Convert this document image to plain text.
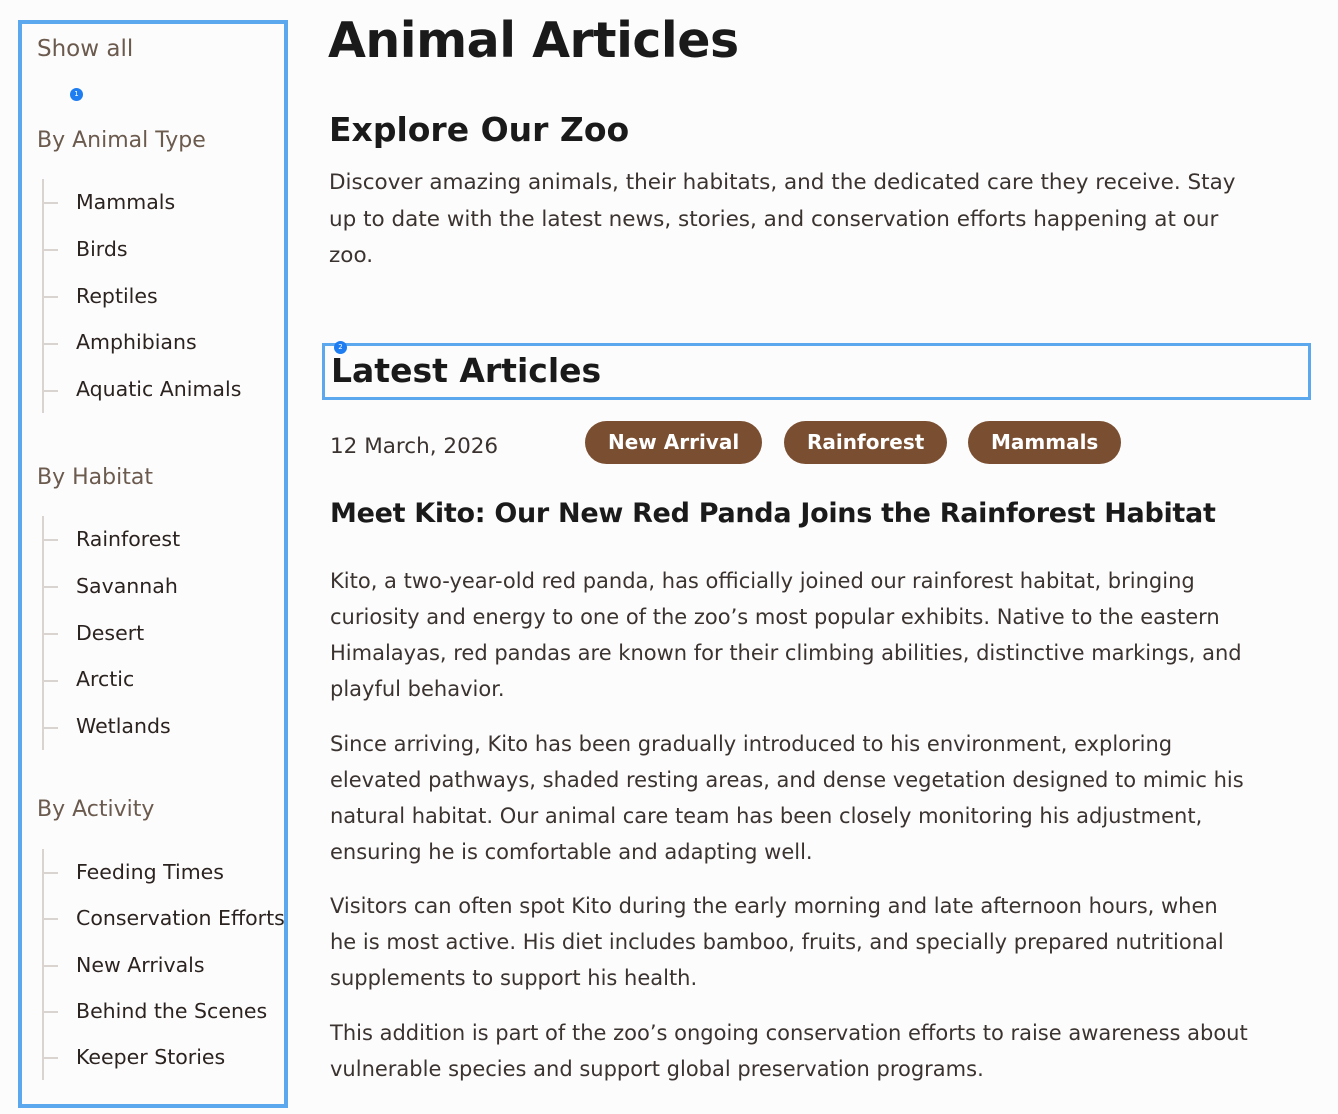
Show all
1
By Animal Type
Mammals
Birds
Reptiles
Amphibians
Aquatic Animals
By Habitat
Rainforest
Savannah
Desert
Arctic
Wetlands
By Activity
Feeding Times
Conservation Efforts
New Arrivals
Behind the Scenes
Keeper Stories
Animal Articles
Explore Our Zoo

Discover amazing animals, their habitats, and the dedicated care they receive. Stay up to date with the latest news, stories, and conservation efforts happening at our zoo.

2
Latest Articles
12 March, 2026	New Arrival	Rainforest	Mammals
Meet Kito: Our New Red Panda Joins the Rainforest Habitat

Kito, a two-year-old red panda, has officially joined our rainforest habitat, bringing curiosity and energy to one of the zoo’s most popular exhibits. Native to the eastern Himalayas, red pandas are known for their climbing abilities, distinctive markings, and playful behavior.

Since arriving, Kito has been gradually introduced to his environment, exploring elevated pathways, shaded resting areas, and dense vegetation designed to mimic his natural habitat. Our animal care team has been closely monitoring his adjustment, ensuring he is comfortable and adapting well.

Visitors can often spot Kito during the early morning and late afternoon hours, when he is most active. His diet includes bamboo, fruits, and specially prepared nutritional supplements to support his health.

This addition is part of the zoo’s ongoing conservation efforts to raise awareness about vulnerable species and support global preservation programs.
